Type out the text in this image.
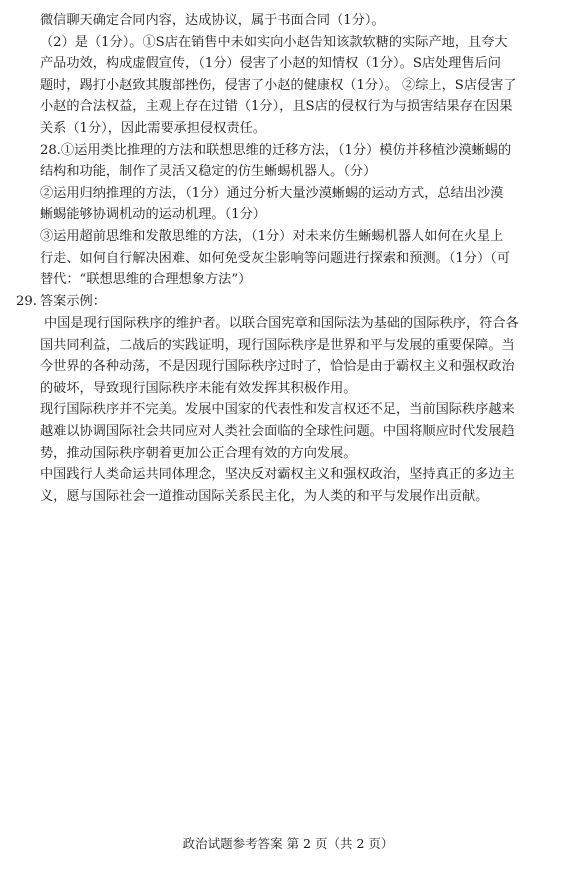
微信聊天确定合同内容，达成协议，属于书面合同（1分）。
（2）是（1分）。①S店在销售中未如实向小赵告知该款软糖的实际产地，且夸大
产品功效，构成虚假宣传，（1分）侵害了小赵的知情权（1分）。S店处理售后问
题时，踢打小赵致其腹部挫伤，侵害了小赵的健康权（1分）。 ②综上，S店侵害了
小赵的合法权益，主观上存在过错（1分），且S店的侵权行为与损害结果存在因果
关系（1分），因此需要承担侵权责任。
28.①运用类比推理的方法和联想思维的迁移方法，（1分）模仿并移植沙漠蜥蜴的
结构和功能，制作了灵活又稳定的仿生蜥蜴机器人。（分）
②运用归纳推理的方法，（1分）通过分析大量沙漠蜥蜴的运动方式，总结出沙漠
蜥蜴能够协调机动的运动机理。（1分）
③运用超前思维和发散思维的方法，（1分）对未来仿生蜥蜴机器人如何在火星上
行走、如何自行解决困难、如何免受灰尘影响等问题进行探索和预测。（1分）（可
替代：“联想思维的合理想象方法”）
29. 答案示例：
中国是现行国际秩序的维护者。以联合国宪章和国际法为基础的国际秩序，符合各
国共同利益，二战后的实践证明，现行国际秩序是世界和平与发展的重要保障。当
今世界的各种动荡，不是因现行国际秩序过时了，恰恰是由于霸权主义和强权政治
的破坏，导致现行国际秩序未能有效发挥其积极作用。
现行国际秩序并不完美。发展中国家的代表性和发言权还不足，当前国际秩序越来
越难以协调国际社会共同应对人类社会面临的全球性问题。中国将顺应时代发展趋
势，推动国际秩序朝着更加公正合理有效的方向发展。
中国践行人类命运共同体理念，坚决反对霸权主义和强权政治，坚持真正的多边主
义，愿与国际社会一道推动国际关系民主化，为人类的和平与发展作出贡献。
政治试题参考答案 第 2 页（共 2 页）
